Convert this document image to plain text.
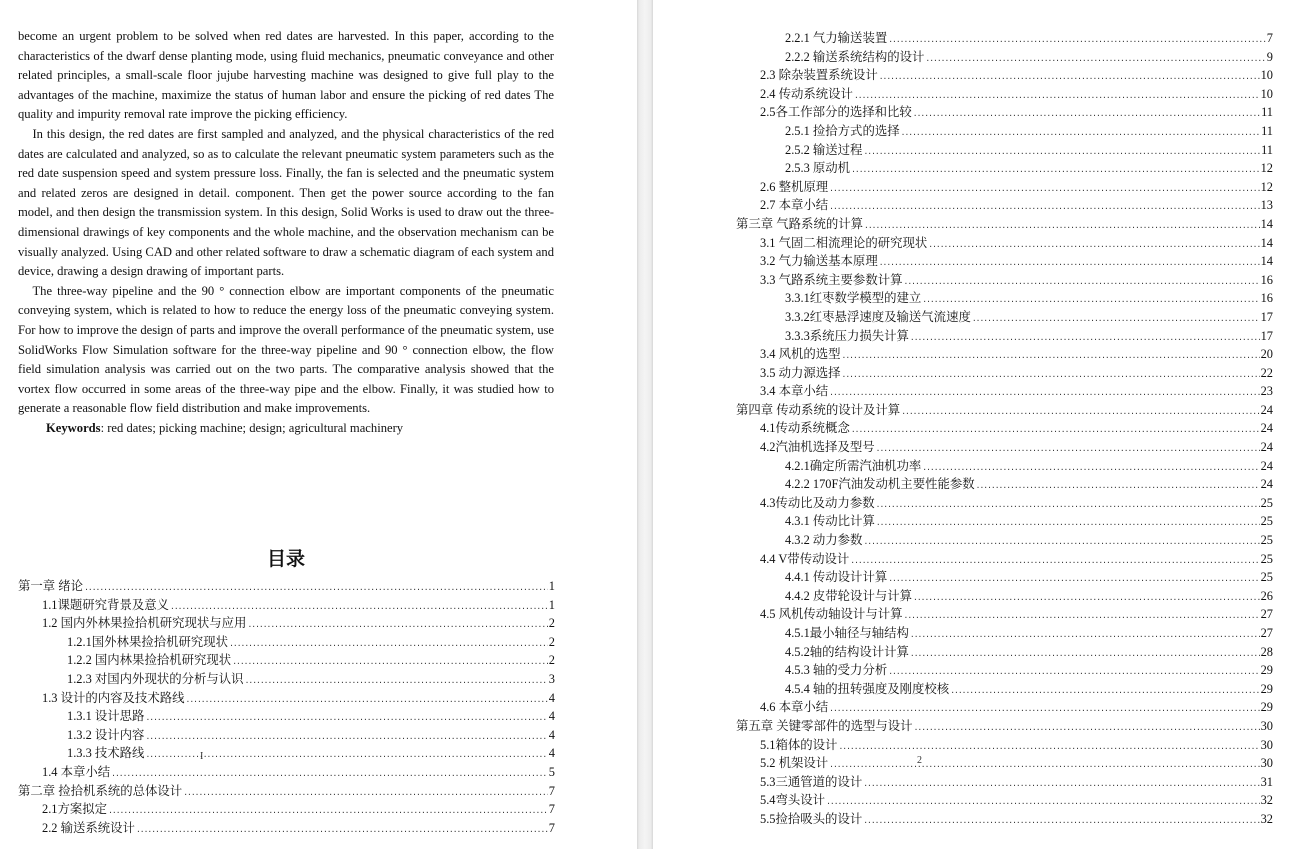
become an urgent problem to be solved when red dates are harvested. In this paper, according to the characteristics of the dwarf dense planting mode, using fluid mechanics, pneumatic conveyance and other related principles, a small-scale floor jujube harvesting machine was designed to give full play to the advantages of the machine, maximize the status of human labor and ensure the picking of red dates The quality and impurity removal rate improve the picking efficiency.

In this design, the red dates are first sampled and analyzed, and the physical characteristics of the red dates are calculated and analyzed, so as to calculate the relevant pneumatic system parameters such as the red date suspension speed and system pressure loss. Finally, the fan is selected and the pneumatic system and related zeros are designed in detail. component. Then get the power source according to the fan model, and then design the transmission system. In this design, Solid Works is used to draw out the three-dimensional drawings of key components and the whole machine, and the observation mechanism can be visually analyzed. Using CAD and other related software to draw a schematic diagram of each system and device, drawing a design drawing of important parts.

The three-way pipeline and the 90 ° connection elbow are important components of the pneumatic conveying system, which is related to how to reduce the energy loss of the pneumatic conveying system. For how to improve the design of parts and improve the overall performance of the pneumatic system, use SolidWorks Flow Simulation software for the three-way pipeline and 90 ° connection elbow, the flow field simulation analysis was carried out on the two parts. The comparative analysis showed that the vortex flow occurred in some areas of the three-way pipe and the elbow. Finally, it was studied how to generate a reasonable flow field distribution and make improvements.

Keywords: red dates; picking machine; design; agricultural machinery

目录
第一章 绪论 .....	1
1.1课题研究背景及意义 .....	1
1.2 国内外林果捡拾机研究现状与应用 .....	2
1.2.1国外林果捡拾机研究现状 .....	2
1.2.2 国内林果捡拾机研究现状 .....	2
1.2.3 对国内外现状的分析与认识 .....	3
1.3 设计的内容及技术路线 .....	4
1.3.1 设计思路 .....	4
1.3.2 设计内容 .....	4
1.3.3 技术路线 .....	4
1.4 本章小结 .....	5
第二章 捡拾机系统的总体设计 .....	7
2.1方案拟定 .....	7
2.2 输送系统设计 .....	7
I
2.2.1 气力输送装置 .....	7
2.2.2 输送系统结构的设计 .....	9
2.3 除杂装置系统设计 .....	10
2.4 传动系统设计 .....	10
2.5各工作部分的选择和比较 .....	11
2.5.1 捡拾方式的选择 .....	11
2.5.2 输送过程 .....	11
2.5.3 原动机 .....	12
2.6 整机原理 .....	12
2.7 本章小结 .....	13
第三章 气路系统的计算 .....	14
3.1 气固二相流理论的研究现状 .....	14
3.2 气力输送基本原理 .....	14
3.3 气路系统主要参数计算 .....	16
3.3.1红枣数学模型的建立 .....	16
3.3.2红枣悬浮速度及输送气流速度 .....	17
3.3.3系统压力损失计算 .....	17
3.4 风机的选型 .....	20
3.5 动力源选择 .....	22
3.4 本章小结 .....	23
第四章 传动系统的设计及计算 .....	24
4.1传动系统概念 .....	24
4.2汽油机选择及型号 .....	24
4.2.1确定所需汽油机功率 .....	24
4.2.2 170F汽油发动机主要性能参数 .....	24
4.3传动比及动力参数 .....	25
4.3.1 传动比计算 .....	25
4.3.2 动力参数 .....	25
4.4 V带传动设计 .....	25
4.4.1 传动设计计算 .....	25
4.4.2 皮带轮设计与计算 .....	26
4.5 风机传动轴设计与计算 .....	27
4.5.1最小轴径与轴结构 .....	27
4.5.2轴的结构设计计算 .....	28
4.5.3 轴的受力分析 .....	29
4.5.4 轴的扭转强度及刚度校核 .....	29
4.6 本章小结 .....	29
第五章 关键零部件的选型与设计 .....	30
5.1箱体的设计 .....	30
5.2 机架设计 .....	30
5.3三通管道的设计 .....	31
5.4弯头设计 .....	32
5.5捡拾吸头的设计 .....	32
2
